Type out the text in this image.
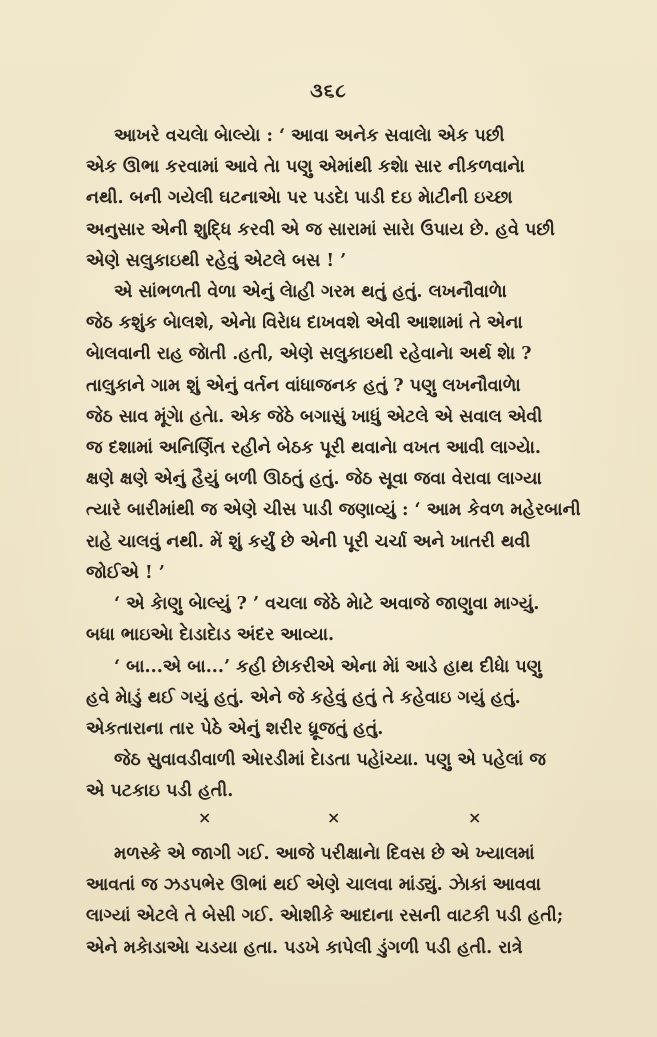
૩૬૮
આખરે વચલેા બેાલ્યેા : ‘ આવા અનેક સવાલેા એક પછી
એક ઊભા કરવામાં આવે તેા પણુ એમાંથી કશેા સાર નીકળવાનેા
નથી. બની ગયેલી ઘટનાએા પર પડદેા પાડી દઇ મેાટીની ઇચ્છા
અનુસાર એની શુદ્ધિ કરવી એ જ સારામાં સારેા ઉપાય છે. હવે પછી
એણે સલુકાઇથી રહેવું એટલે બસ ! ’
એ સાંભળતી વેળા એનું લેાહી ગરમ થતું હતું. લખનૌવાળેા
જેઠ કશુંક બેાલશે, એનેા વિરેાધ દાખવશે એવી આશામાં તે એના
બેાલવાની રાહ જેાતી .હતી, એણે સલુકાઇથી રહેવાનેા અર્થ શેા ?
તાલુકાને ગામ શું એનું વર્તન વાંધાજનક હતું ? પણુ લખનૌવાળેા
જેઠ સાવ મૂંગેા હતેા. એક જેઠે બગાસું ખાધું એટલે એ સવાલ એવી
જ દશામાં અનિર્ણિત રહીને બેઠક પૂરી થવાનેા વખત આવી લાગ્યેા.
ક્ષણે ક્ષણે એનું હૈયું બળી ઊઠતું હતું. જેઠ સૂવા જવા વેરાવા લાગ્યા
ત્યારે બારીમાંથી જ એણે ચીસ પાડી જણાવ્યું : ‘ આમ કેવળ મહેરબાની
રાહે ચાલવું નથી. મેં શું કર્યું છે એની પૂરી ચર્ચા અને ખાતરી થવી
જોઈએ ! ’
‘ એ કેાણુ બેાલ્યું ? ’ વચલા જેઠે મેાટે અવાજે જાણુવા માગ્યું.
બધા ભાઇએા દેાડાદેાડ અંદર આવ્યા.
‘ બા...એ બા...’ કહી છેાકરીએ એના મેાં આડે હાથ દીધેા પણુ
હવે મેાડું થઈ ગયું હતું. એને જે કહેવું હતું તે કહેવાઇ ગયું હતું.
એકતારાના તાર પેઠે એનું શરીર ધ્રૂજતું હતું.
જેઠ સુવાવડીવાળી એારડીમાં દેાડતા પહેાંચ્યા. પણુ એ પહેલાં જ
એ પટકાઇ પડી હતી.
×	×	×
મળસ્કે એ જાગી ગઈ. આજે પરીક્ષાનેા દિવસ છે એ ખ્યાલમાં
આવતાં જ ઝડપભેર ઊભાં થઈ એણે ચાલવા માંડ્યું. ઝેાકાં આવવા
લાગ્યાં એટલે તે બેસી ગઈ. એાશીકે આદાના રસની વાટકી પડી હતી;
એને મકેાડાએા ચડયા હતા. પડખે કાપેલી ડુંગળી પડી હતી. રાત્રે
